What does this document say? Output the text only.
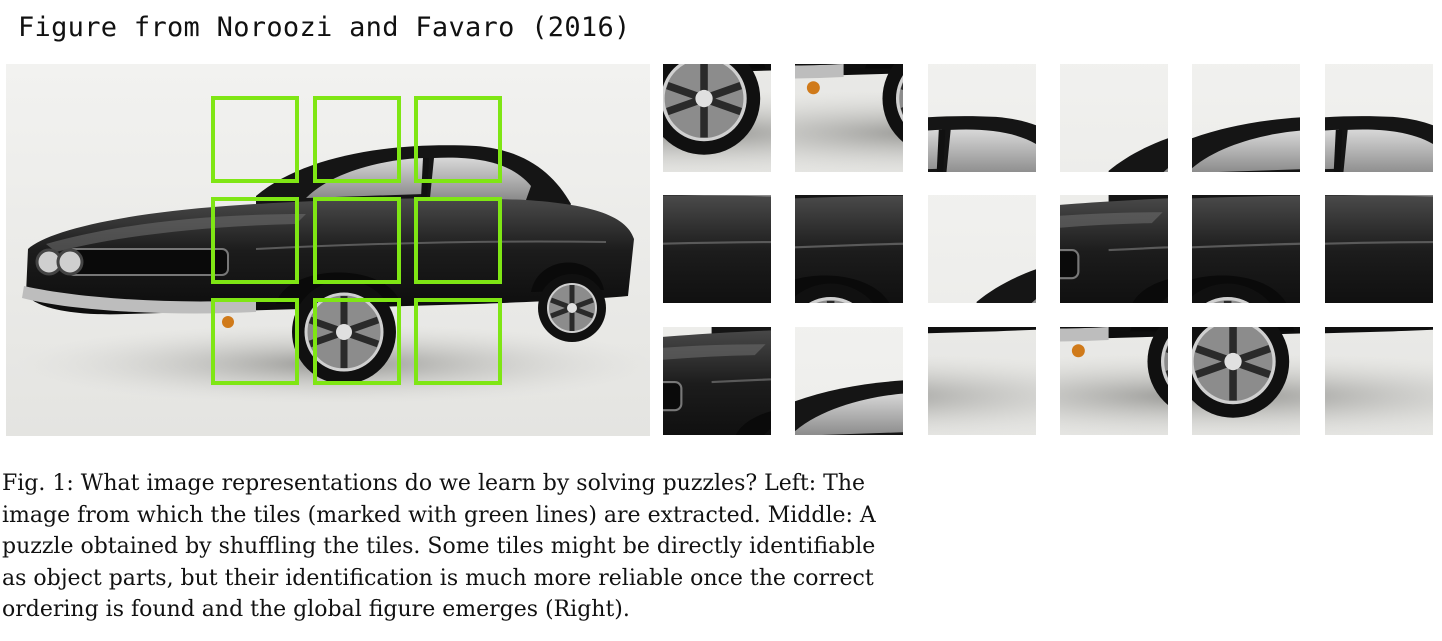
Figure from Noroozi and Favaro (2016)
Fig. 1: What image representations do we learn by solving puzzles? Left: The
image from which the tiles (marked with green lines) are extracted. Middle: A
puzzle obtained by shuffling the tiles. Some tiles might be directly identifiable
as object parts, but their identification is much more reliable once the correct
ordering is found and the global figure emerges (Right).
